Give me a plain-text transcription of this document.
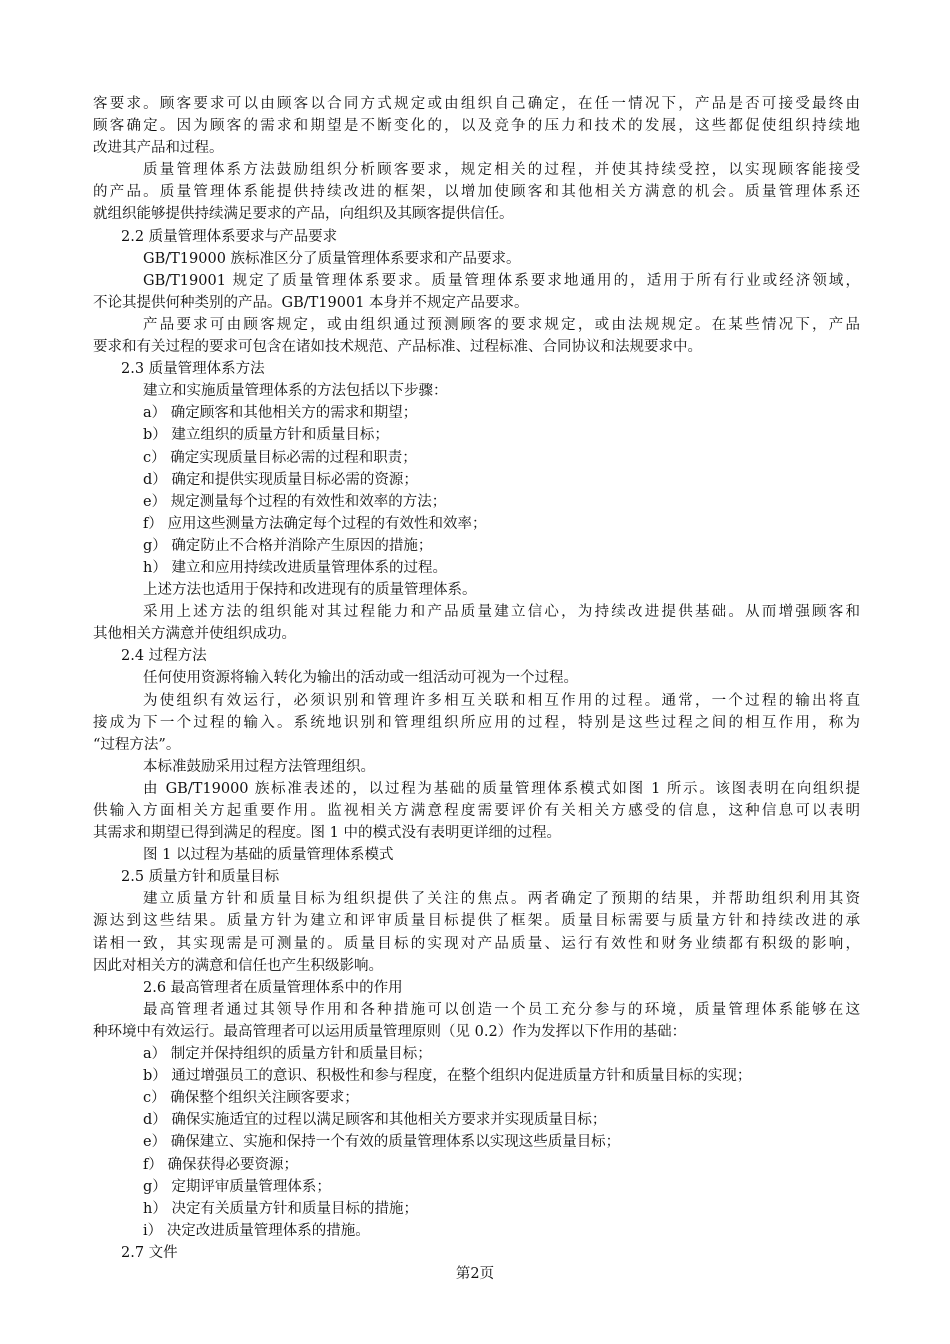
客要求。顾客要求可以由顾客以合同方式规定或由组织自己确定，在任一情况下，产品是否可接受最终由
顾客确定。因为顾客的需求和期望是不断变化的，以及竞争的压力和技术的发展，这些都促使组织持续地
改进其产品和过程。
质量管理体系方法鼓励组织分析顾客要求，规定相关的过程，并使其持续受控，以实现顾客能接受
的产品。质量管理体系能提供持续改进的框架，以增加使顾客和其他相关方满意的机会。质量管理体系还
就组织能够提供持续满足要求的产品，向组织及其顾客提供信任。
2.2 质量管理体系要求与产品要求
GB/T19000 族标准区分了质量管理体系要求和产品要求。
GB/T19001 规定了质量管理体系要求。质量管理体系要求地通用的，适用于所有行业或经济领域，
不论其提供何种类别的产品。GB/T19001 本身并不规定产品要求。
产品要求可由顾客规定，或由组织通过预测顾客的要求规定，或由法规规定。在某些情况下，产品
要求和有关过程的要求可包含在诸如技术规范、产品标准、过程标准、合同协议和法规要求中。
2.3 质量管理体系方法
建立和实施质量管理体系的方法包括以下步骤：
a） 确定顾客和其他相关方的需求和期望；
b） 建立组织的质量方针和质量目标；
c） 确定实现质量目标必需的过程和职责；
d） 确定和提供实现质量目标必需的资源；
e） 规定测量每个过程的有效性和效率的方法；
f） 应用这些测量方法确定每个过程的有效性和效率；
g） 确定防止不合格并消除产生原因的措施；
h） 建立和应用持续改进质量管理体系的过程。
上述方法也适用于保持和改进现有的质量管理体系。
采用上述方法的组织能对其过程能力和产品质量建立信心，为持续改进提供基础。从而增强顾客和
其他相关方满意并使组织成功。
2.4 过程方法
任何使用资源将输入转化为输出的活动或一组活动可视为一个过程。
为使组织有效运行，必须识别和管理许多相互关联和相互作用的过程。通常，一个过程的输出将直
接成为下一个过程的输入。系统地识别和管理组织所应用的过程，特别是这些过程之间的相互作用，称为
“过程方法”。
本标准鼓励采用过程方法管理组织。
由 GB/T19000 族标准表述的，以过程为基础的质量管理体系模式如图 1 所示。该图表明在向组织提
供输入方面相关方起重要作用。监视相关方满意程度需要评价有关相关方感受的信息，这种信息可以表明
其需求和期望已得到满足的程度。图 1 中的模式没有表明更详细的过程。
图 1 以过程为基础的质量管理体系模式
2.5 质量方针和质量目标
建立质量方针和质量目标为组织提供了关注的焦点。两者确定了预期的结果，并帮助组织利用其资
源达到这些结果。质量方针为建立和评审质量目标提供了框架。质量目标需要与质量方针和持续改进的承
诺相一致，其实现需是可测量的。质量目标的实现对产品质量、运行有效性和财务业绩都有积级的影响，
因此对相关方的满意和信任也产生积级影响。
2.6 最高管理者在质量管理体系中的作用
最高管理者通过其领导作用和各种措施可以创造一个员工充分参与的环境，质量管理体系能够在这
种环境中有效运行。最高管理者可以运用质量管理原则（见 0.2）作为发挥以下作用的基础：
a） 制定并保持组织的质量方针和质量目标；
b） 通过增强员工的意识、积极性和参与程度，在整个组织内促进质量方针和质量目标的实现；
c） 确保整个组织关注顾客要求；
d） 确保实施适宜的过程以满足顾客和其他相关方要求并实现质量目标；
e） 确保建立、实施和保持一个有效的质量管理体系以实现这些质量目标；
f） 确保获得必要资源；
g） 定期评审质量管理体系；
h） 决定有关质量方针和质量目标的措施；
i） 决定改进质量管理体系的措施。
2.7 文件
第2页
